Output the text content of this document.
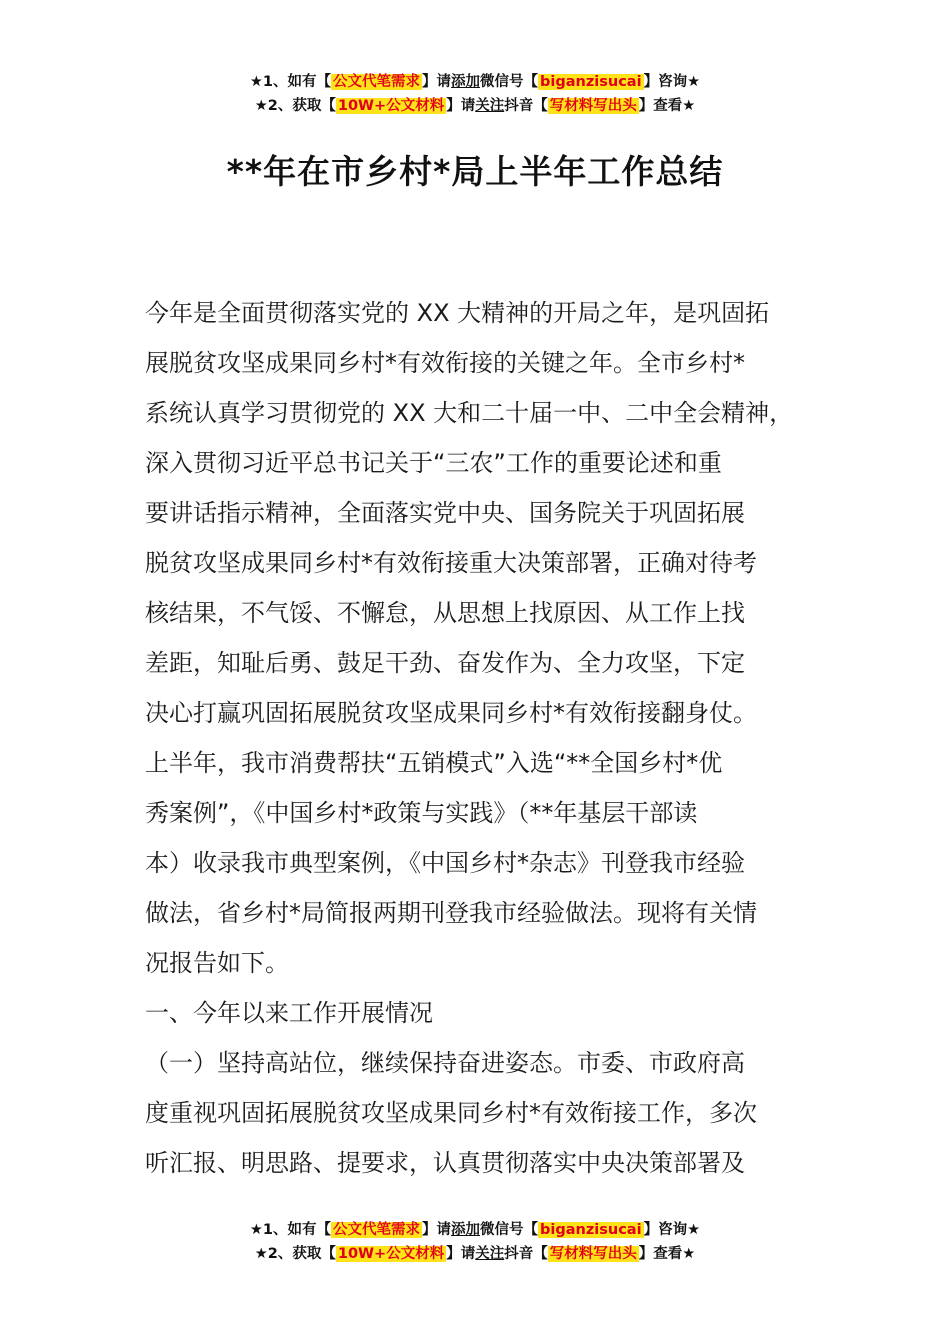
★1、如有【 公文代笔需求 】请添加微信号【 biganzisucai 】咨询★
★2、获取【 10W+公文材料 】请关注抖音【 写材料写出头 】查看★
**年在市乡村*局上半年工作总结

今年是全面贯彻落实党的 XX 大精神的开局之年，是巩固拓

展脱贫攻坚成果同乡村*有效衔接的关键之年。全市乡村*

系统认真学习贯彻党的 XX 大和二十届一中、二中全会精神，

深入贯彻习近平总书记关于“三农”工作的重要论述和重

要讲话指示精神，全面落实党中央、国务院关于巩固拓展

脱贫攻坚成果同乡村*有效衔接重大决策部署，正确对待考

核结果，不气馁、不懈怠，从思想上找原因、从工作上找

差距，知耻后勇、鼓足干劲、奋发作为、全力攻坚，下定

决心打赢巩固拓展脱贫攻坚成果同乡村*有效衔接翻身仗。

上半年，我市消费帮扶“五销模式”入选“**全国乡村*优

秀案例”，《中国乡村*政策与实践》（**年基层干部读

本）收录我市典型案例，《中国乡村*杂志》刊登我市经验

做法，省乡村*局简报两期刊登我市经验做法。现将有关情

况报告如下。

一、今年以来工作开展情况

（一）坚持高站位，继续保持奋进姿态。市委、市政府高

度重视巩固拓展脱贫攻坚成果同乡村*有效衔接工作，多次

听汇报、明思路、提要求，认真贯彻落实中央决策部署及

★1、如有【 公文代笔需求 】请添加微信号【 biganzisucai 】咨询★
★2、获取【 10W+公文材料 】请关注抖音【 写材料写出头 】查看★
